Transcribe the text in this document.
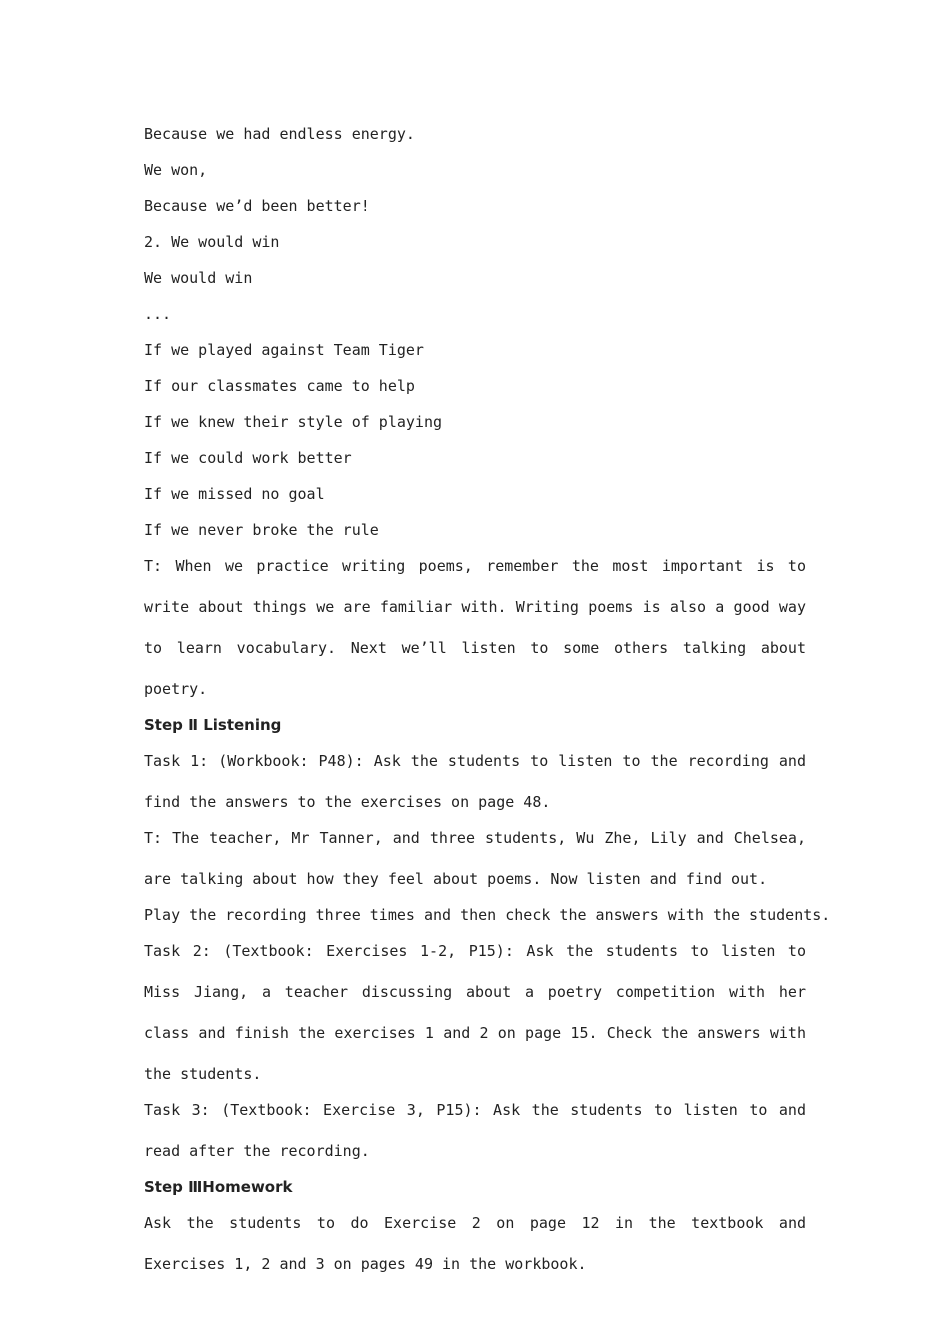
Because we had endless energy.
We won,
Because we’d been better!
2. We would win
We would win
...
If we played against Team Tiger
If our classmates came to help
If we knew their style of playing
If we could work better
If we missed no goal
If we never broke the rule
T: When we practice writing poems, remember the most important is to write about things we are familiar with. Writing poems is also a good way to learn vocabulary. Next we’ll listen to some others talking about poetry.
Step Ⅱ Listening
Task 1: (Workbook: P48): Ask the students to listen to the recording and find the answers to the exercises on page 48.
T: The teacher, Mr Tanner, and three students, Wu Zhe, Lily and Chelsea, are talking about how they feel about poems. Now listen and find out.
Play the recording three times and then check the answers with the students.
Task 2: (Textbook: Exercises 1-2, P15): Ask the students to listen to Miss Jiang, a teacher discussing about a poetry competition with her class and finish the exercises 1 and 2 on page 15. Check the answers with the students.
Task 3: (Textbook: Exercise 3, P15): Ask the students to listen to and read after the recording.
Step ⅢHomework
Ask the students to do Exercise 2 on page 12 in the textbook and Exercises 1, 2 and 3 on pages 49 in the workbook.
